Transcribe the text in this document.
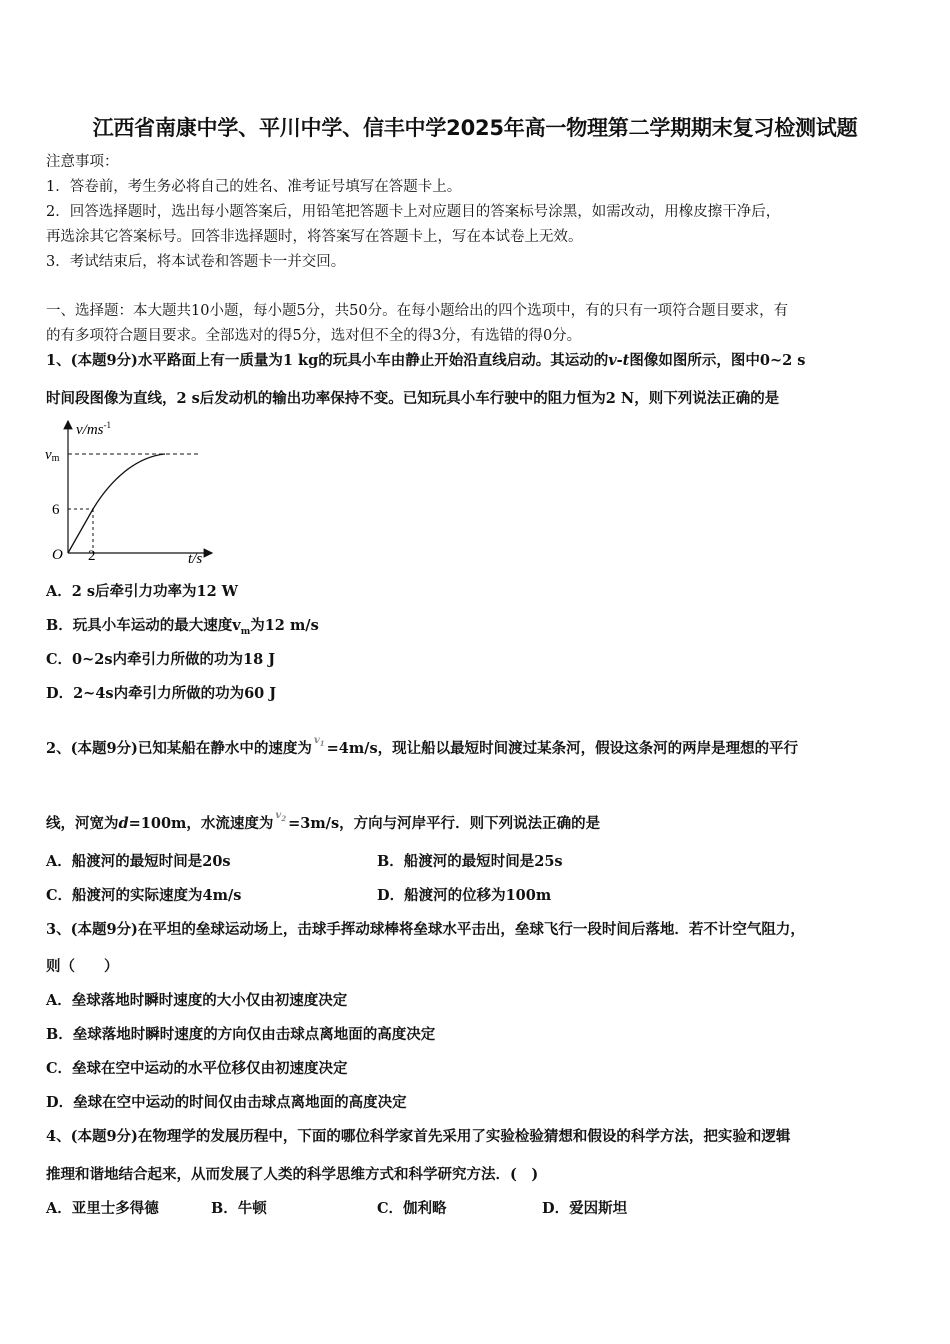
江西省南康中学、平川中学、信丰中学2025年高一物理第二学期期末复习检测试题
注意事项：
1．答卷前，考生务必将自己的姓名、准考证号填写在答题卡上。
2．回答选择题时，选出每小题答案后，用铅笔把答题卡上对应题目的答案标号涂黑，如需改动，用橡皮擦干净后，
再选涂其它答案标号。回答非选择题时，将答案写在答题卡上，写在本试卷上无效。
3．考试结束后，将本试卷和答题卡一并交回。
一、选择题：本大题共10小题，每小题5分，共50分。在每小题给出的四个选项中，有的只有一项符合题目要求，有
的有多项符合题目要求。全部选对的得5分，选对但不全的得3分，有选错的得0分。
1、(本题9分)水平路面上有一质量为1 kg的玩具小车由静止开始沿直线启动。其运动的v-t图像如图所示，图中0~2 s
时间段图像为直线，2 s后发动机的输出功率保持不变。已知玩具小车行驶中的阻力恒为2 N，则下列说法正确的是
$v/ms^{-1}$
vm
6
O 2	t/s
A．2 s后牵引力功率为12 W
B．玩具小车运动的最大速度$v_m$为12 m/s
C．0~2s内牵引力所做的功为18 J
D．2~4s内牵引力所做的功为60 J
2、(本题9分)已知某船在静水中的速度为 $v_1 =4m/s$，现让船以最短时间渡过某条河，假设这条河的两岸是理想的平行
线，河宽为d=100m，水流速度为 $v_2 =3m/s$，方向与河岸平行．则下列说法正确的是
A．船渡河的最短时间是20s	B．船渡河的最短时间是25s
C．船渡河的实际速度为4m/s	D．船渡河的位移为100m
3、(本题9分)在平坦的垒球运动场上，击球手挥动球棒将垒球水平击出，垒球飞行一段时间后落地．若不计空气阻力，
则（　　）
A．垒球落地时瞬时速度的大小仅由初速度决定
B．垒球落地时瞬时速度的方向仅由击球点离地面的高度决定
C．垒球在空中运动的水平位移仅由初速度决定
D．垒球在空中运动的时间仅由击球点离地面的高度决定
4、(本题9分)在物理学的发展历程中，下面的哪位科学家首先采用了实验检验猜想和假设的科学方法，把实验和逻辑
推理和谐地结合起来，从而发展了人类的科学思维方式和科学研究方法．(　)
A．亚里士多得德	B．牛顿	C．伽利略	D．爱因斯坦
